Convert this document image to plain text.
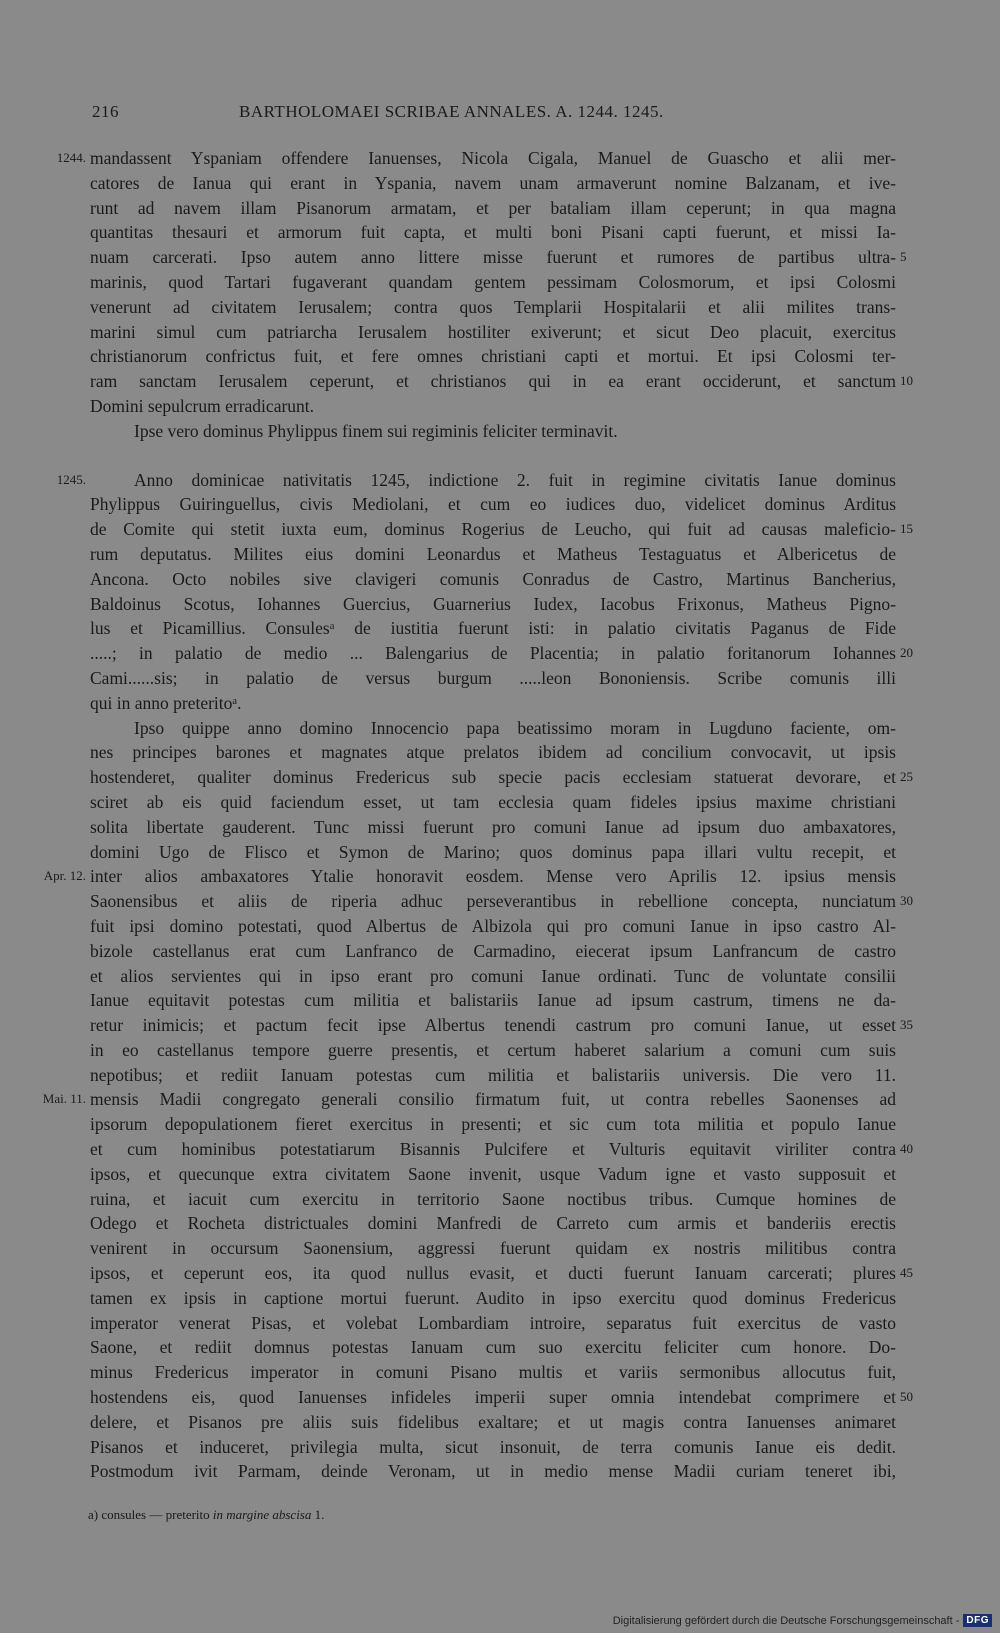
216	BARTHOLOMAEI SCRIBAE ANNALES. A. 1244. 1245.
1244. mandassent Yspaniam offendere Ianuenses, Nicola Cigala, Manuel de Guascho et alii mer-
catores de Ianua qui erant in Yspania, navem unam armaverunt nomine Balzanam, et ive-
runt ad navem illam Pisanorum armatam, et per bataliam illam ceperunt; in qua magna
quantitas thesauri et armorum fuit capta, et multi boni Pisani capti fuerunt, et missi Ia-
nuam carcerati. Ipso autem anno littere misse fuerunt et rumores de partibus ultra- 5
marinis, quod Tartari fugaverant quandam gentem pessimam Colosmorum, et ipsi Colosmi
venerunt ad civitatem Ierusalem; contra quos Templarii Hospitalarii et alii milites trans-
marini simul cum patriarcha Ierusalem hostiliter exiverunt; et sicut Deo placuit, exercitus
christianorum confrictus fuit, et fere omnes christiani capti et mortui. Et ipsi Colosmi ter-
ram sanctam Ierusalem ceperunt, et christianos qui in ea erant occiderunt, et sanctum 10
Domini sepulcrum erradicarunt.
Ipse vero dominus Phylippus finem sui regiminis feliciter terminavit.
1245.	Anno dominicae nativitatis 1245, indictione 2. fuit in regimine civitatis Ianue dominus
Phylippus Guiringuellus, civis Mediolani, et cum eo iudices duo, videlicet dominus Arditus
de Comite qui stetit iuxta eum, dominus Rogerius de Leucho, qui fuit ad causas maleficio- 15
rum deputatus. Milites eius domini Leonardus et Matheus Testaguatus et Albericetus de
Ancona. Octo nobiles sive clavigeri comunis Conradus de Castro, Martinus Bancherius,
Baldoinus Scotus, Iohannes Guercius, Guarnerius Iudex, Iacobus Frixonus, Matheus Pigno-
lus et Picamillius. Consulesᵃ de iustitia fuerunt isti: in palatio civitatis Paganus de Fide
.....; in palatio de medio ... Balengarius de Placentia; in palatio foritanorum Iohannes 20
Cami......sis; in palatio de versus burgum .....leon Bononiensis. Scribe comunis illi
qui in anno preteritoᵃ.
Ipso quippe anno domino Innocencio papa beatissimo moram in Lugduno faciente, om-
nes principes barones et magnates atque prelatos ibidem ad concilium convocavit, ut ipsis
hostenderet, qualiter dominus Fredericus sub specie pacis ecclesiam statuerat devorare, et 25
sciret ab eis quid faciendum esset, ut tam ecclesia quam fideles ipsius maxime christiani
solita libertate gauderent. Tunc missi fuerunt pro comuni Ianue ad ipsum duo ambaxatores,
domini Ugo de Flisco et Symon de Marino; quos dominus papa illari vultu recepit, et
Apr. 12. inter alios ambaxatores Ytalie honoravit eosdem. Mense vero Aprilis 12. ipsius mensis
Saonensibus et aliis de riperia adhuc perseverantibus in rebellione concepta, nunciatum 30
fuit ipsi domino potestati, quod Albertus de Albizola qui pro comuni Ianue in ipso castro Al-
bizole castellanus erat cum Lanfranco de Carmadino, eiecerat ipsum Lanfrancum de castro
et alios servientes qui in ipso erant pro comuni Ianue ordinati. Tunc de voluntate consilii
Ianue equitavit potestas cum militia et balistariis Ianue ad ipsum castrum, timens ne da-
retur inimicis; et pactum fecit ipse Albertus tenendi castrum pro comuni Ianue, ut esset 35
in eo castellanus tempore guerre presentis, et certum haberet salarium a comuni cum suis
nepotibus; et rediit Ianuam potestas cum militia et balistariis universis. Die vero 11.
Mai. 11. mensis Madii congregato generali consilio firmatum fuit, ut contra rebelles Saonenses ad
ipsorum depopulationem fieret exercitus in presenti; et sic cum tota militia et populo Ianue
et cum hominibus potestatiarum Bisannis Pulcifere et Vulturis equitavit viriliter contra 40
ipsos, et quecunque extra civitatem Saone invenit, usque Vadum igne et vasto supposuit et
ruina, et iacuit cum exercitu in territorio Saone noctibus tribus. Cumque homines de
Odego et Rocheta districtuales domini Manfredi de Carreto cum armis et banderiis erectis
venirent in occursum Saonensium, aggressi fuerunt quidam ex nostris militibus contra
ipsos, et ceperunt eos, ita quod nullus evasit, et ducti fuerunt Ianuam carcerati; plures 45
tamen ex ipsis in captione mortui fuerunt. Audito in ipso exercitu quod dominus Fredericus
imperator venerat Pisas, et volebat Lombardiam introire, separatus fuit exercitus de vasto
Saone, et rediit domnus potestas Ianuam cum suo exercitu feliciter cum honore. Do-
minus Fredericus imperator in comuni Pisano multis et variis sermonibus allocutus fuit,
hostendens eis, quod Ianuenses infideles imperii super omnia intendebat comprimere et 50
delere, et Pisanos pre aliis suis fidelibus exaltare; et ut magis contra Ianuenses animaret
Pisanos et induceret, privilegia multa, sicut insonuit, de terra comunis Ianue eis dedit.
Postmodum ivit Parmam, deinde Veronam, ut in medio mense Madii curiam teneret ibi,
a) consules — preterito in margine abscisa 1.
Digitalisierung gefördert durch die Deutsche Forschungsgemeinschaft - DFG
